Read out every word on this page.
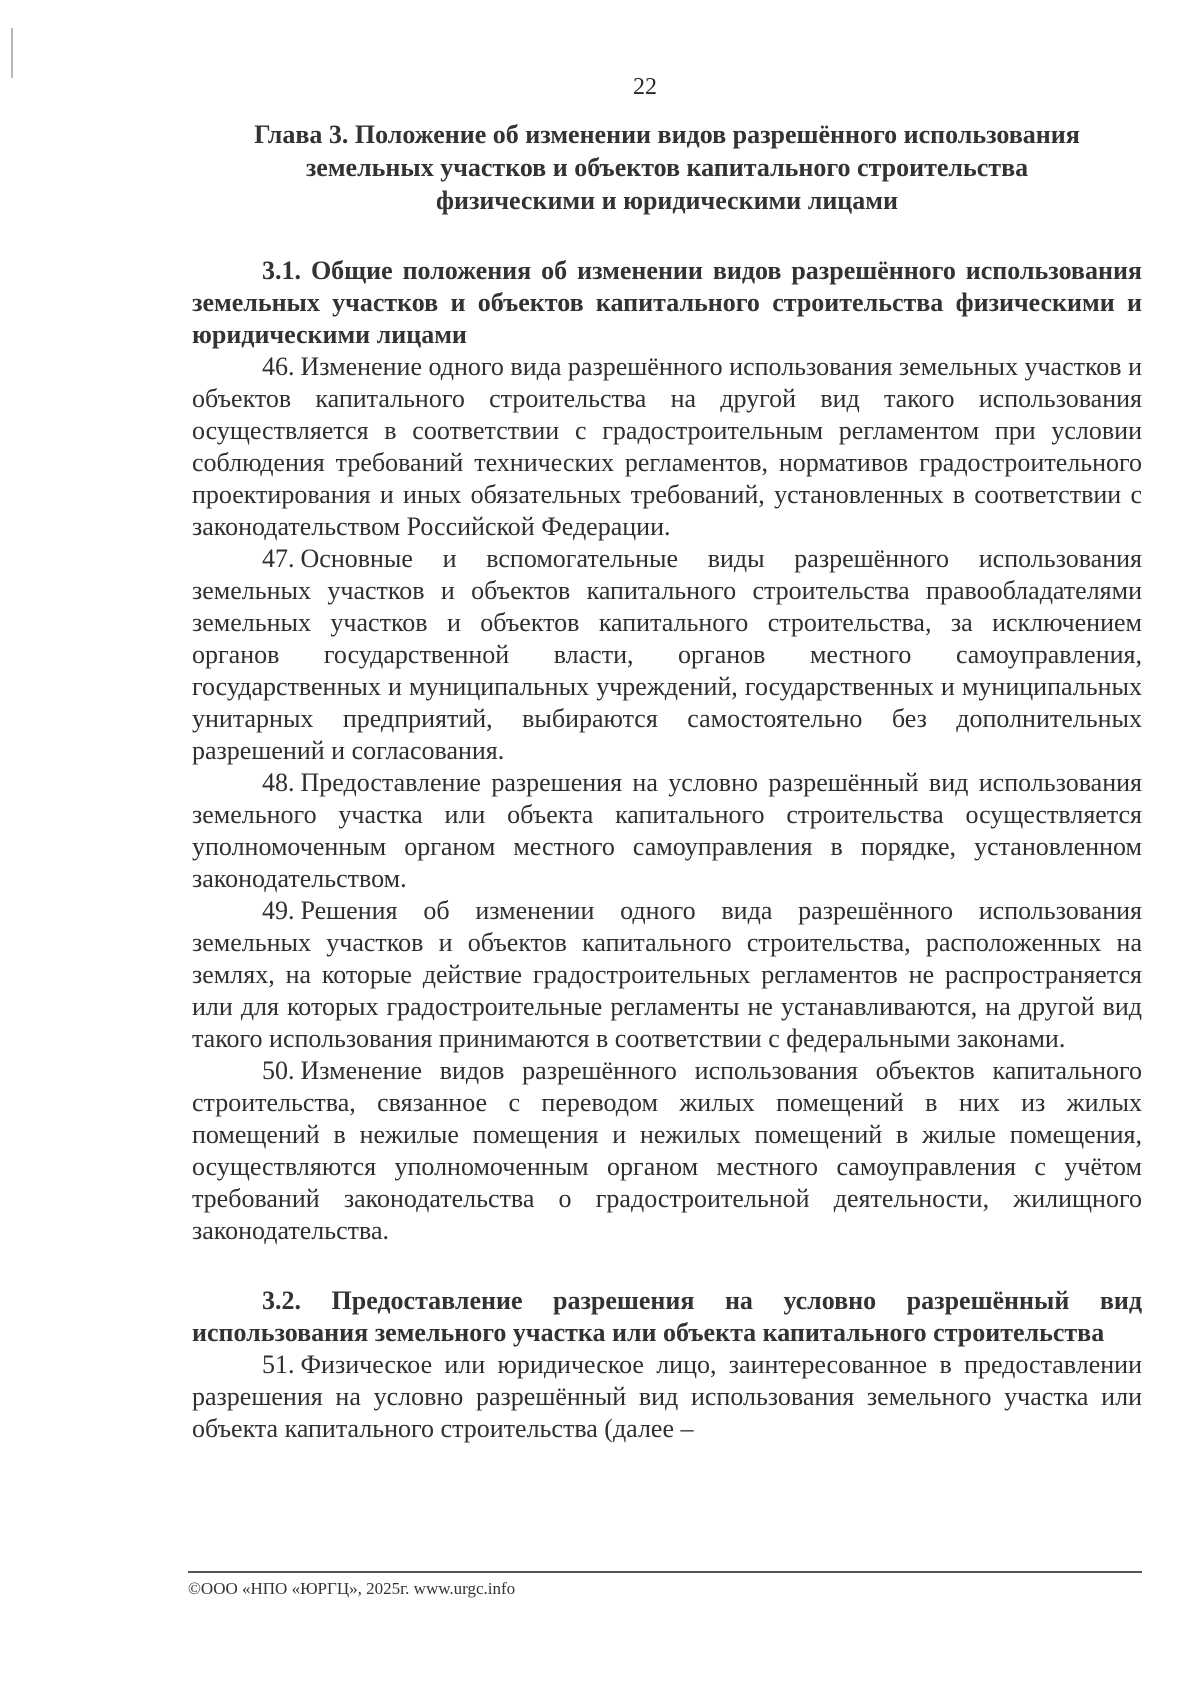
22
Глава 3. Положение об изменении видов разрешённого использования
земельных участков и объектов капитального строительства
физическими и юридическими лицами
3.1. Общие положения об изменении видов разрешённого использования земельных участков и объектов капитального строительства физическими и юридическими лицами

46. Изменение одного вида разрешённого использования земельных участков и объектов капитального строительства на другой вид такого использования осуществляется в соответствии с градостроительным регламентом при условии соблюдения требований технических регламентов, нормативов градостроительного проектирования и иных обязательных требований, установленных в соответствии с законодательством Российской Федерации.

47. Основные и вспомогательные виды разрешённого использования земельных участков и объектов капитального строительства правообладателями земельных участков и объектов капитального строительства, за исключением органов государственной власти, органов местного самоуправления, государственных и муниципальных учреждений, государственных и муниципальных унитарных предприятий, выбираются самостоятельно без дополнительных разрешений и согласования.

48. Предоставление разрешения на условно разрешённый вид использования земельного участка или объекта капитального строительства осуществляется уполномоченным органом местного самоуправления в порядке, установленном законодательством.

49. Решения об изменении одного вида разрешённого использования земельных участков и объектов капитального строительства, расположенных на землях, на которые действие градостроительных регламентов не распространяется или для которых градостроительные регламенты не устанавливаются, на другой вид такого использования принимаются в соответствии с федеральными законами.

50. Изменение видов разрешённого использования объектов капитального строительства, связанное с переводом жилых помещений в них из жилых помещений в нежилые помещения и нежилых помещений в жилые помещения, осуществляются уполномоченным органом местного самоуправления с учётом требований законодательства о градостроительной деятельности, жилищного законодательства.

3.2. Предоставление разрешения на условно разрешённый вид использования земельного участка или объекта капитального строительства

51. Физическое или юридическое лицо, заинтересованное в предоставлении разрешения на условно разрешённый вид использования земельного участка или объекта капитального строительства (далее –

©ООО «НПО «ЮРГЦ», 2025г. www.urgc.info
